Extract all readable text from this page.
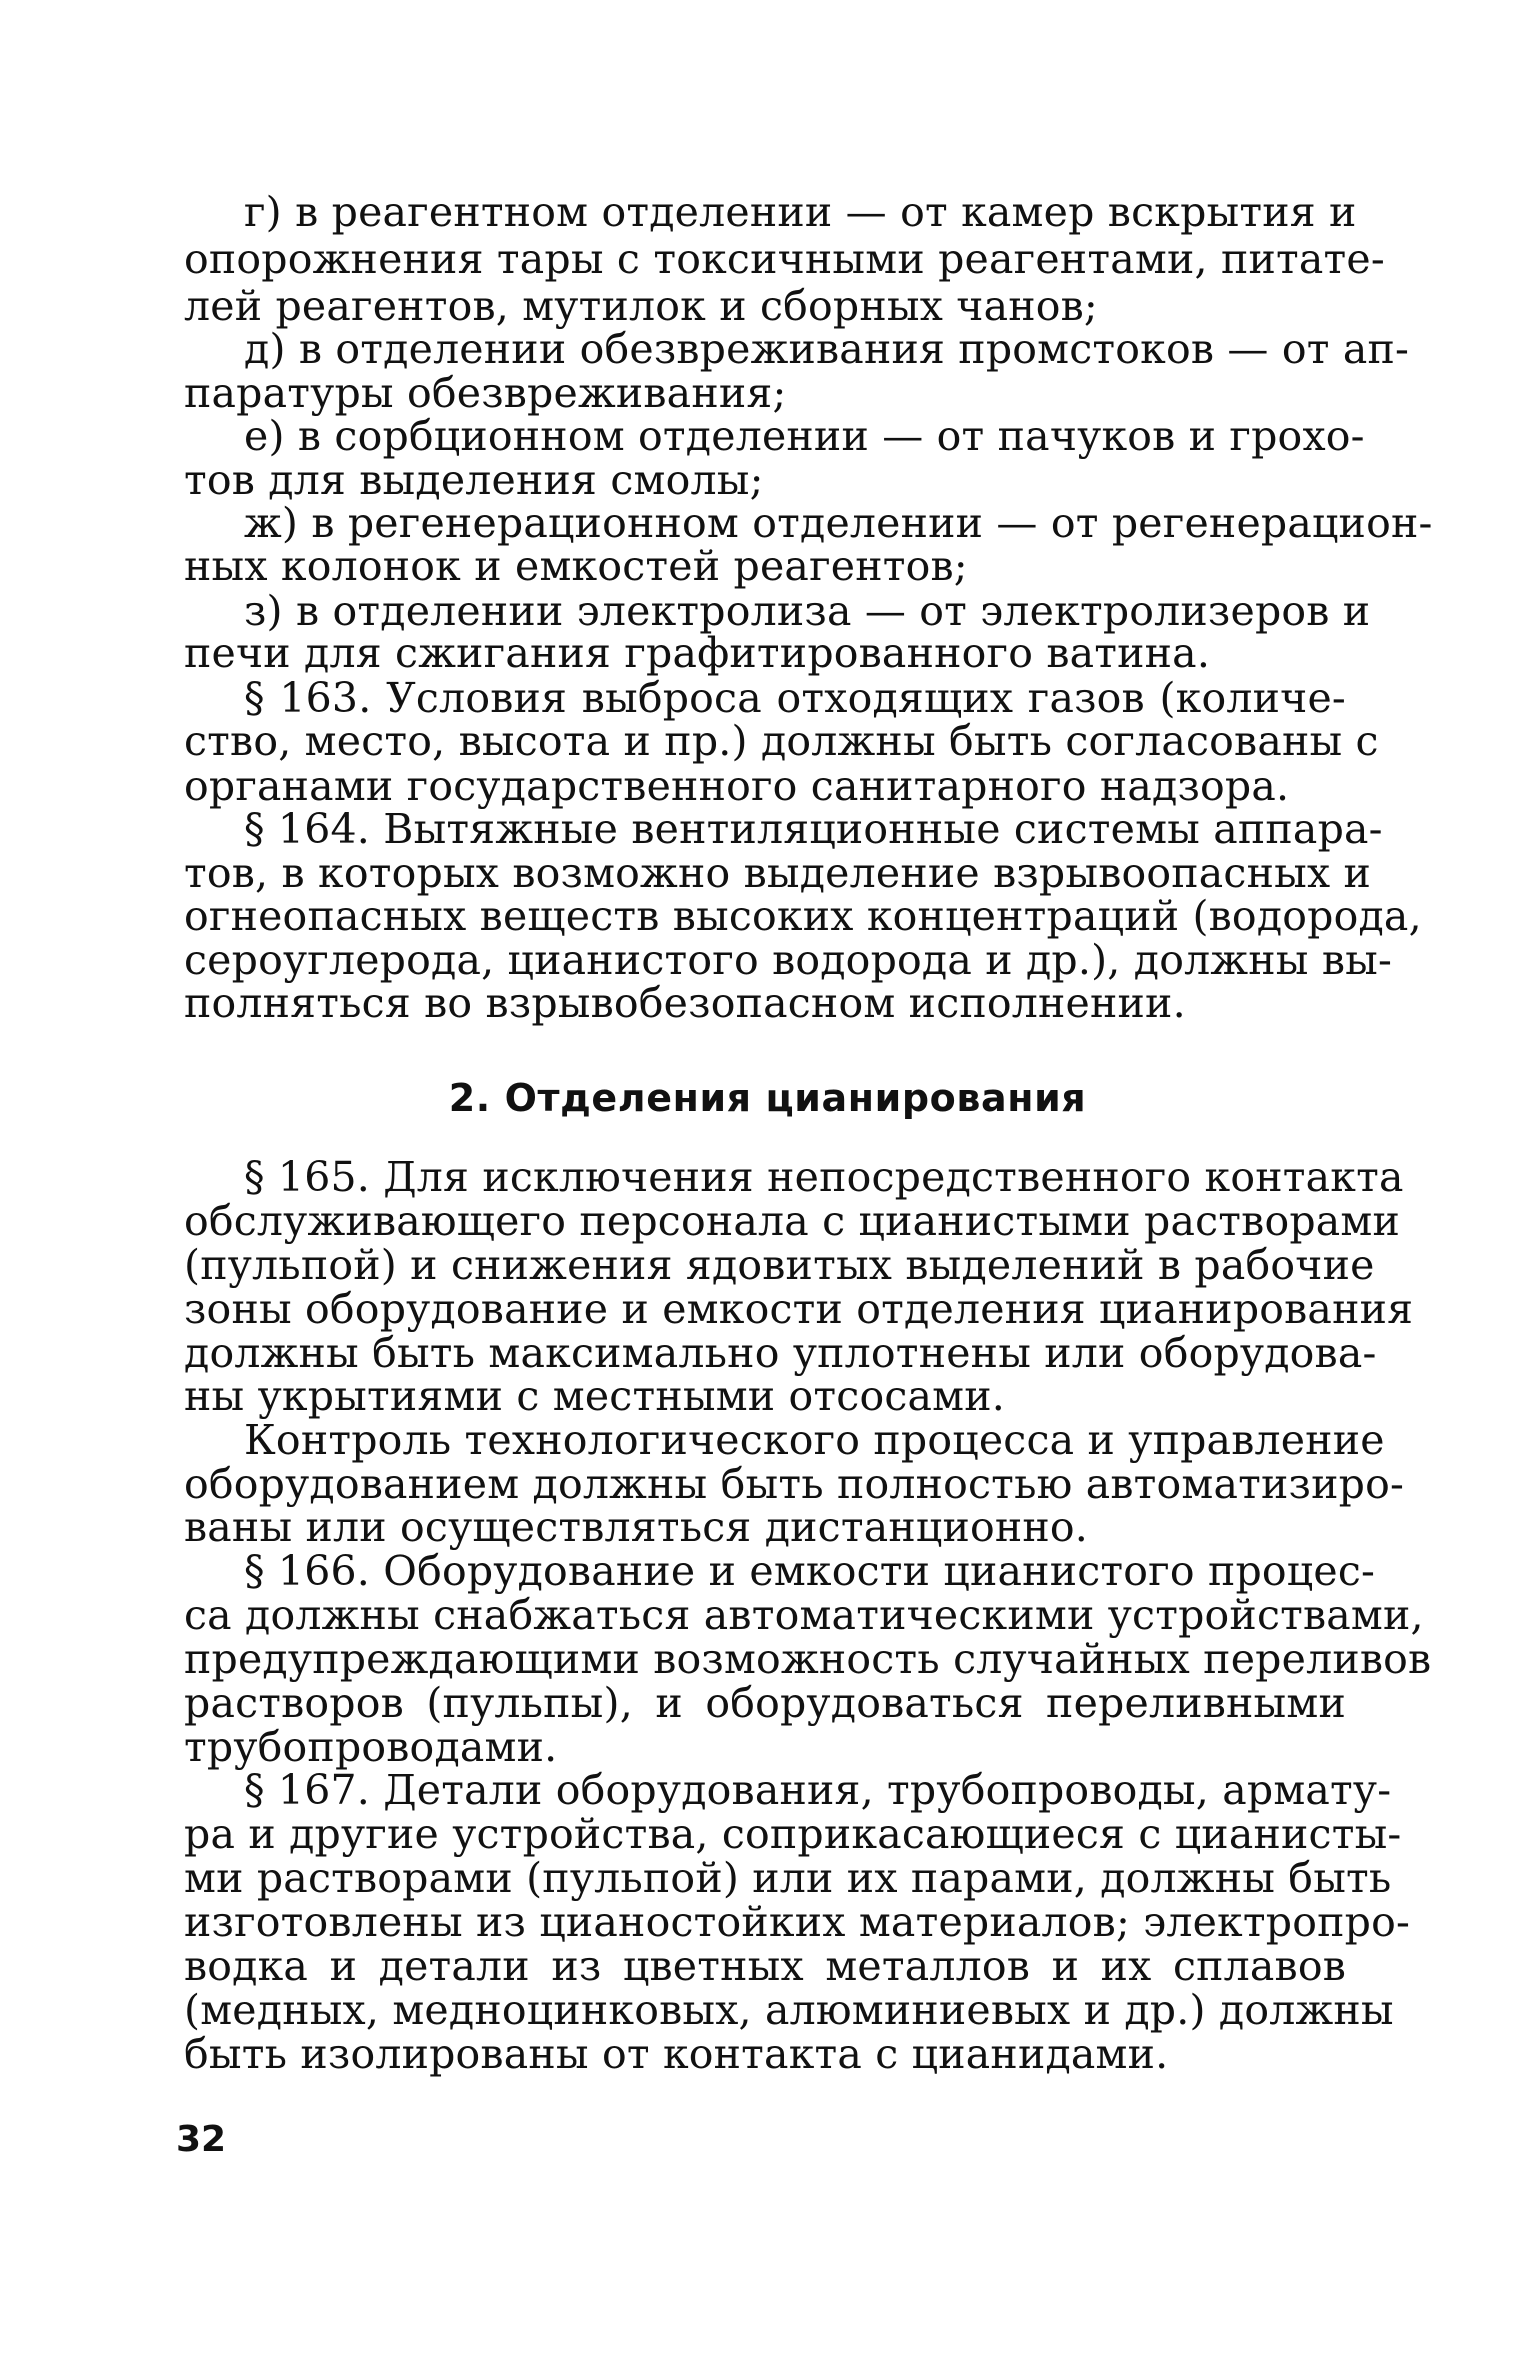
г) в реагентном отделении — от камер вскрытия и
опорожнения тары с токсичными реагентами, питате-
лей реагентов, мутилок и сборных чанов;
д) в отделении обезвреживания промстоков — от ап-
паратуры обезвреживания;
е) в сорбционном отделении — от пачуков и грохо-
тов для выделения смолы;
ж) в регенерационном отделении — от регенерацион-
ных колонок и емкостей реагентов;
з) в отделении электролиза — от электролизеров и
печи для сжигания графитированного ватина.
§ 163. Условия выброса отходящих газов (количе-
ство, место, высота и пр.) должны быть согласованы с
органами государственного санитарного надзора.
§ 164. Вытяжные вентиляционные системы аппара-
тов, в которых возможно выделение взрывоопасных и
огнеопасных веществ высоких концентраций (водорода,
сероуглерода, цианистого водорода и др.), должны вы-
полняться во взрывобезопасном исполнении.
2. Отделения цианирования
§ 165. Для исключения непосредственного контакта
обслуживающего персонала с цианистыми растворами
(пульпой) и снижения ядовитых выделений в рабочие
зоны оборудование и емкости отделения цианирования
должны быть максимально уплотнены или оборудова-
ны укрытиями с местными отсосами.
Контроль технологического процесса и управление
оборудованием должны быть полностью автоматизиро-
ваны или осуществляться дистанционно.
§ 166. Оборудование и емкости цианистого процес-
са должны снабжаться автоматическими устройствами,
предупреждающими возможность случайных переливов
растворов (пульпы), и оборудоваться переливными
трубопроводами.
§ 167. Детали оборудования, трубопроводы, армату-
ра и другие устройства, соприкасающиеся с цианисты-
ми растворами (пульпой) или их парами, должны быть
изготовлены из цианостойких материалов; электропро-
водка и детали из цветных металлов и их сплавов
(медных, медноцинковых, алюминиевых и др.) должны
быть изолированы от контакта с цианидами.
32
